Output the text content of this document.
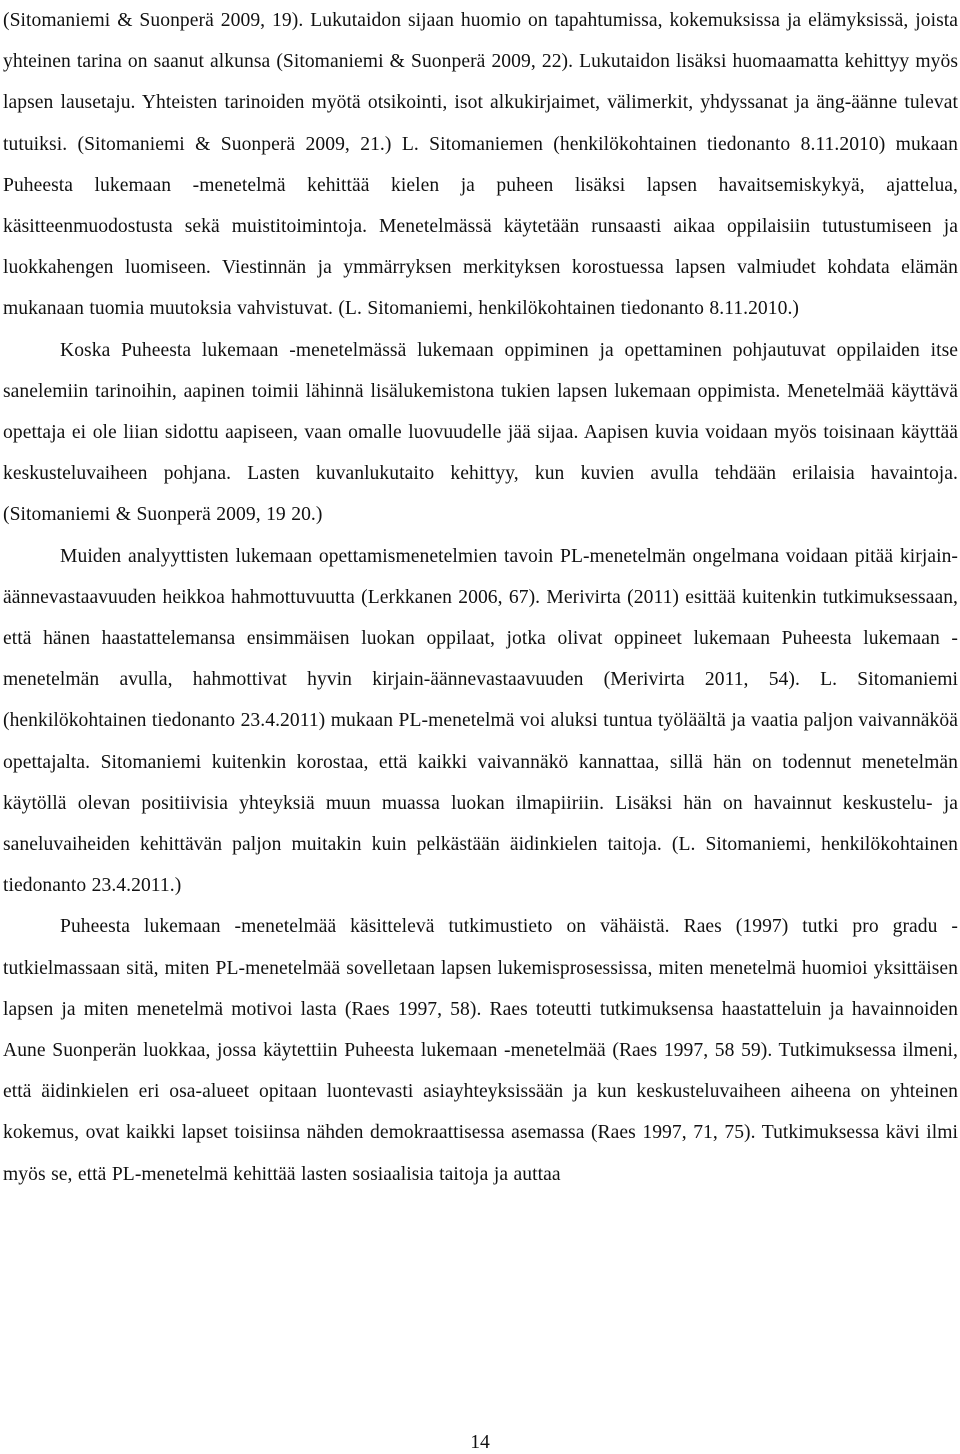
(Sitomaniemi & Suonperä 2009, 19). Lukutaidon sijaan huomio on tapahtumissa, kokemuksissa ja elämyksissä, joista yhteinen tarina on saanut alkunsa (Sitomaniemi & Suonperä 2009, 22). Lukutaidon lisäksi huomaamatta kehittyy myös lapsen lausetaju. Yhteisten tarinoiden myötä otsikointi, isot alkukirjaimet, välimerkit, yhdyssanat ja äng-äänne tulevat tutuiksi. (Sitomaniemi & Suonperä 2009, 21.) L. Sitomaniemen (henkilökohtainen tiedonanto 8.11.2010) mukaan Puheesta lukemaan -menetelmä kehittää kielen ja puheen lisäksi lapsen havaitsemiskykyä, ajattelua, käsitteenmuodostusta sekä muistitoimintoja. Menetelmässä käytetään runsaasti aikaa oppilaisiin tutustumiseen ja luokkahengen luomiseen. Viestinnän ja ymmärryksen merkityksen korostuessa lapsen valmiudet kohdata elämän mukanaan tuomia muutoksia vahvistuvat. (L. Sitomaniemi, henkilökohtainen tiedonanto 8.11.2010.)

Koska Puheesta lukemaan -menetelmässä lukemaan oppiminen ja opettaminen pohjautuvat oppilaiden itse sanelemiin tarinoihin, aapinen toimii lähinnä lisälukemistona tukien lapsen lukemaan oppimista. Menetelmää käyttävä opettaja ei ole liian sidottu aapiseen, vaan omalle luovuudelle jää sijaa. Aapisen kuvia voidaan myös toisinaan käyttää keskusteluvaiheen pohjana. Lasten kuvanlukutaito kehittyy, kun kuvien avulla tehdään erilaisia havaintoja. (Sitomaniemi & Suonperä 2009, 19 20.)

Muiden analyyttisten lukemaan opettamismenetelmien tavoin PL-menetelmän ongelmana voidaan pitää kirjain-äännevastaavuuden heikkoa hahmottuvuutta (Lerkkanen 2006, 67). Merivirta (2011) esittää kuitenkin tutkimuksessaan, että hänen haastattelemansa ensimmäisen luokan oppilaat, jotka olivat oppineet lukemaan Puheesta lukemaan -menetelmän avulla, hahmottivat hyvin kirjain-äännevastaavuuden (Merivirta 2011, 54). L. Sitomaniemi (henkilökohtainen tiedonanto 23.4.2011) mukaan PL-menetelmä voi aluksi tuntua työläältä ja vaatia paljon vaivannäköä opettajalta. Sitomaniemi kuitenkin korostaa, että kaikki vaivannäkö kannattaa, sillä hän on todennut menetelmän käytöllä olevan positiivisia yhteyksiä muun muassa luokan ilmapiiriin. Lisäksi hän on havainnut keskustelu- ja saneluvaiheiden kehittävän paljon muitakin kuin pelkästään äidinkielen taitoja. (L. Sitomaniemi, henkilökohtainen tiedonanto 23.4.2011.)

Puheesta lukemaan -menetelmää käsittelevä tutkimustieto on vähäistä. Raes (1997) tutki pro gradu -tutkielmassaan sitä, miten PL-menetelmää sovelletaan lapsen lukemisprosessissa, miten menetelmä huomioi yksittäisen lapsen ja miten menetelmä motivoi lasta (Raes 1997, 58). Raes toteutti tutkimuksensa haastatteluin ja havainnoiden Aune Suonperän luokkaa, jossa käytettiin Puheesta lukemaan -menetelmää (Raes 1997, 58 59). Tutkimuksessa ilmeni, että äidinkielen eri osa-alueet opitaan luontevasti asiayhteyksissään ja kun keskusteluvaiheen aiheena on yhteinen kokemus, ovat kaikki lapset toisiinsa nähden demokraattisessa asemassa (Raes 1997, 71, 75). Tutkimuksessa kävi ilmi myös se, että PL-menetelmä kehittää lasten sosiaalisia taitoja ja auttaa

14
